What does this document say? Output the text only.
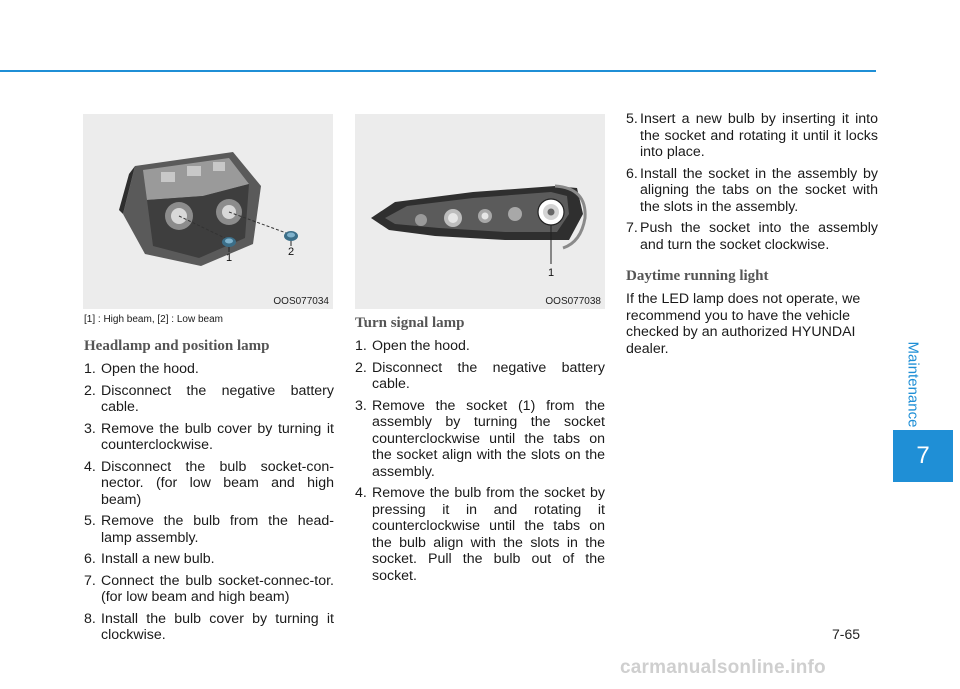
Maintenance
7
1	2
OOS077034
1
OOS077038

[1] : High beam, [2] : Low beam

Headlamp and position lamp
1. Open the hood.
2. Disconnect the negative battery cable.
3. Remove the bulb cover by turning it counterclockwise.
4. Disconnect the bulb socket-con-nector. (for low beam and high beam)
5. Remove the bulb from the head-lamp assembly.
6. Install a new bulb.
7. Connect the bulb socket-connec-tor. (for low beam and high beam)
8. Install the bulb cover by turning it clockwise.
Turn signal lamp
1. Open the hood.
2. Disconnect the negative battery cable.
3. Remove the socket (1) from the assembly by turning the socket counterclockwise until the tabs on the socket align with the slots on the assembly.
4. Remove the bulb from the socket by pressing it in and rotating it counterclockwise until the tabs on the bulb align with the slots in the socket. Pull the bulb out of the socket.
5. Insert a new bulb by inserting it into the socket and rotating it until it locks into place.
6. Install the socket in the assembly by aligning the tabs on the socket with the slots in the assembly.
7. Push the socket into the assembly and turn the socket clockwise.
Daytime running light

If the LED lamp does not operate, we recommend you to have the vehicle checked by an authorized HYUNDAI dealer.

7-65
carmanualsonline.info
